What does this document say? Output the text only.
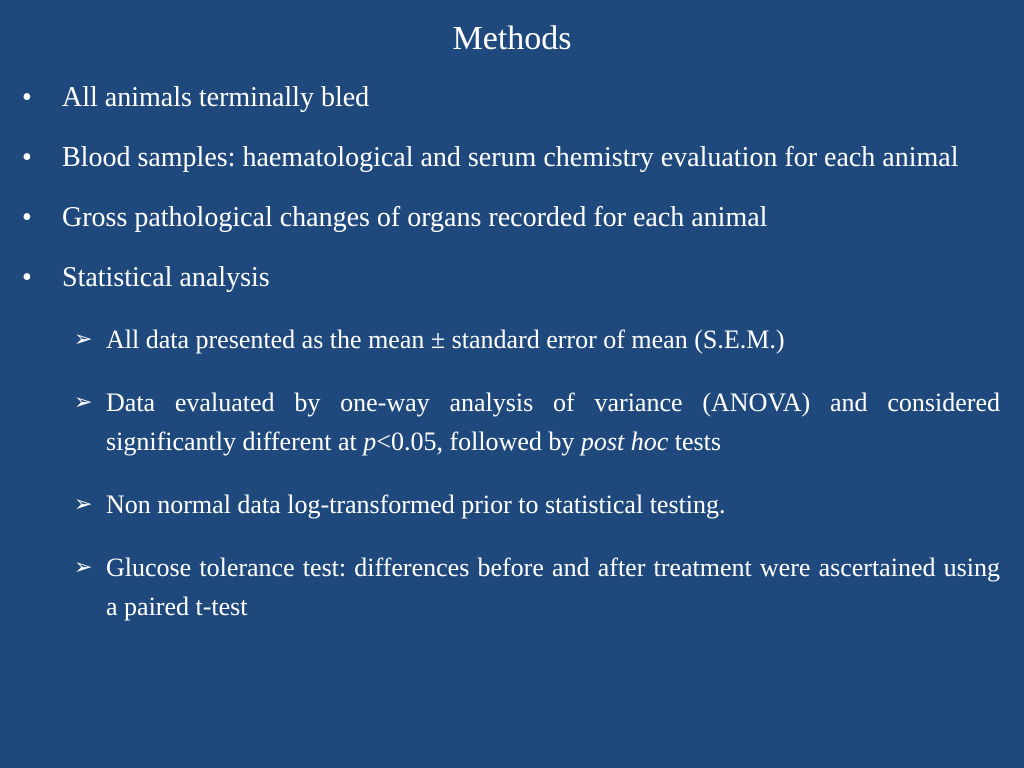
Methods
• All animals terminally bled
• Blood samples: haematological and serum chemistry evaluation for each animal
• Gross pathological changes of organs recorded for each animal
• Statistical analysis
➢ All data presented as the mean ± standard error of mean (S.E.M.)
➢ Data evaluated by one-way analysis of variance (ANOVA) and considered significantly different at p<0.05, followed by post hoc tests
➢ Non normal data log-transformed prior to statistical testing.
➢ Glucose tolerance test: differences before and after treatment were ascertained using a paired t-test
